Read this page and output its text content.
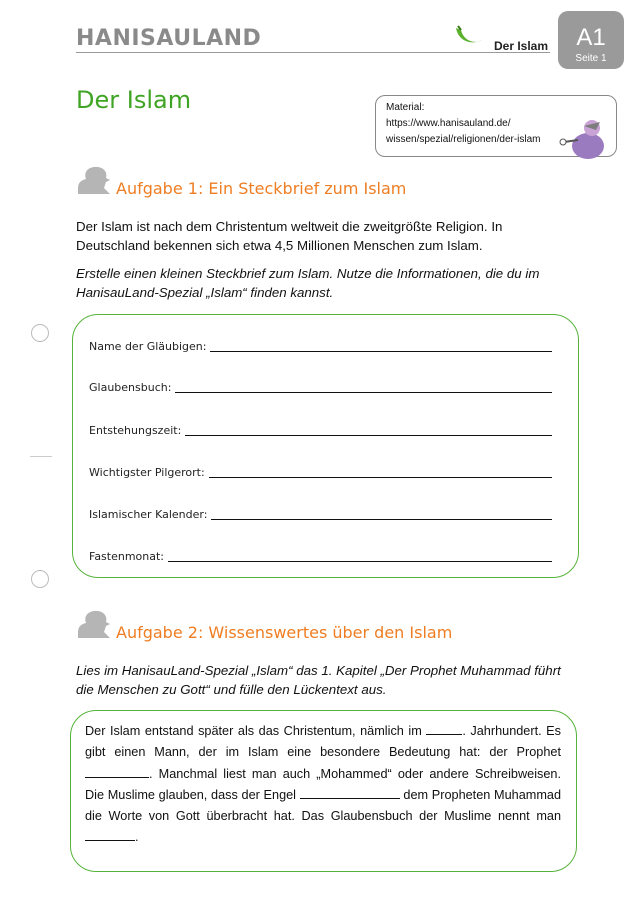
HANISAULAND	Der Islam	A1
Seite 1
Der Islam	Material:
https://www.hanisauland.de/
wissen/spezial/religionen/der-islam
Aufgabe 1: Ein Steckbrief zum Islam
Der Islam ist nach dem Christentum weltweit die zweitgrößte Religion. In Deutschland bekennen sich etwa 4,5 Millionen Menschen zum Islam.
Erstelle einen kleinen Steckbrief zum Islam. Nutze die Informationen, die du im HanisauLand-Spezial „Islam“ finden kannst.
Name der Gläubigen:
Glaubensbuch:
Entstehungszeit:
Wichtigster Pilgerort:
Islamischer Kalender:
Fastenmonat:
Aufgabe 2: Wissenswertes über den Islam
Lies im HanisauLand-Spezial „Islam“ das 1. Kapitel „Der Prophet Muhammad führt die Menschen zu Gott“ und fülle den Lückentext aus.
Der Islam entstand später als das Christentum, nämlich im	. Jahrhundert. Es gibt einen Mann, der im Islam eine besondere Bedeutung hat: der Prophet . Manchmal liest man auch „Mohammed“ oder andere Schreibweisen. Die Muslime glauben, dass der Engel	dem Propheten Muhammad die Worte von Gott überbracht hat. Das Glaubensbuch der Muslime nennt man .
